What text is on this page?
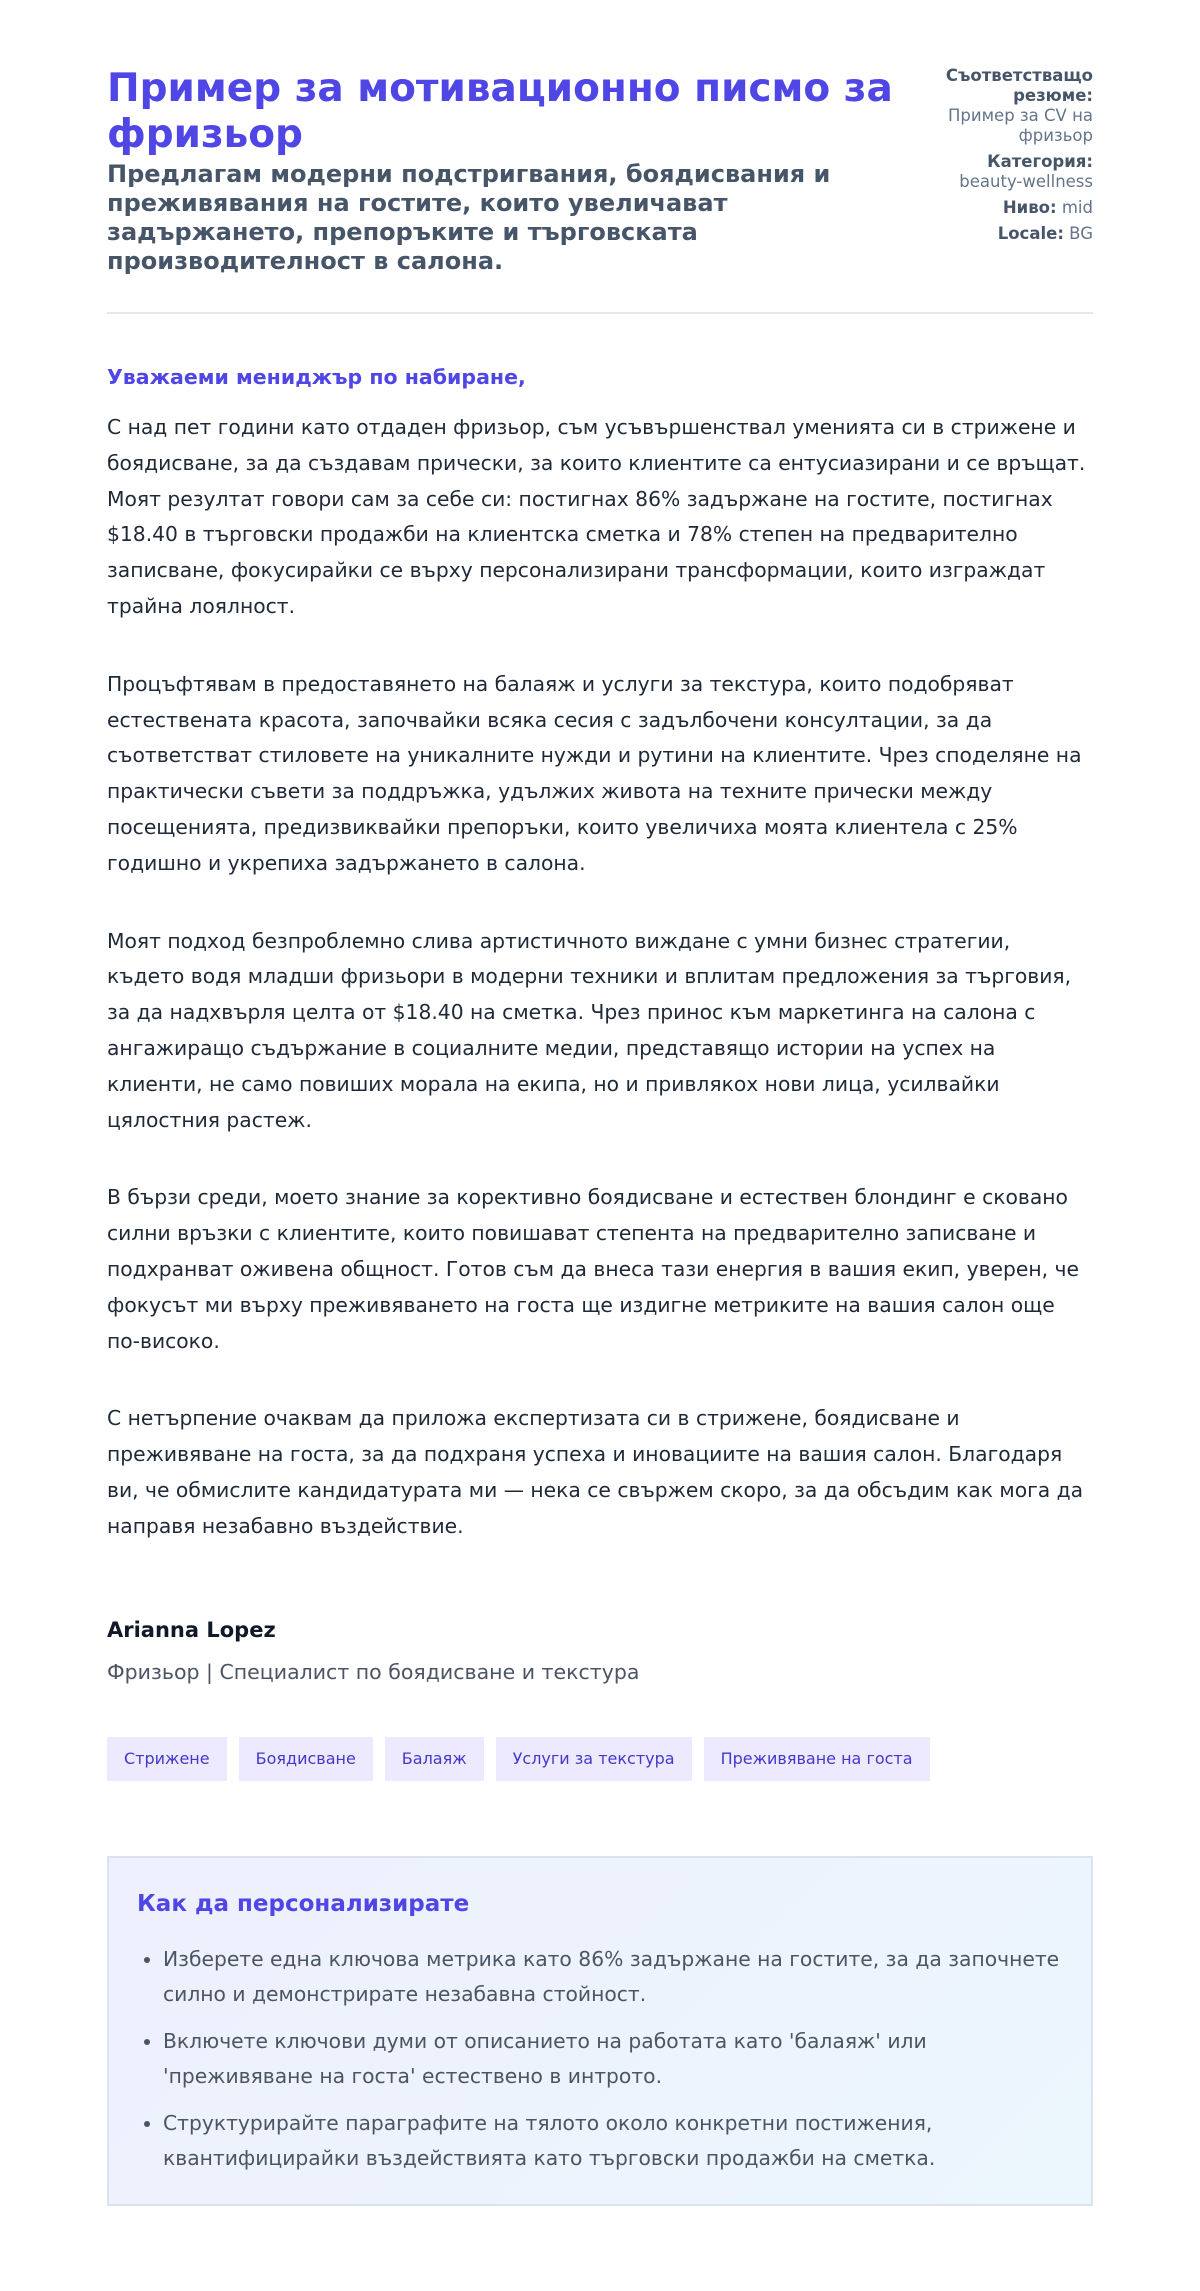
Пример за мотивационно писмо за фризьор

Предлагам модерни подстригвания, боядисвания и преживявания на гостите, които увеличават задържането, препоръките и търговската производителност в салона.

Съответстващо резюме:
Пример за CV на фризьор
Категория:
beauty-wellness
Ниво: mid
Locale: BG
Уважаеми мениджър по набиране,

С над пет години като отдаден фризьор, съм усъвършенствал уменията си в стрижене и боядисване, за да създавам прически, за които клиентите са ентусиазирани и се връщат. Моят резултат говори сам за себе си: постигнах 86% задържане на гостите, постигнах $18.40 в търговски продажби на клиентска сметка и 78% степен на предварително записване, фокусирайки се върху персонализирани трансформации, които изграждат трайна лоялност.

Процъфтявам в предоставянето на балаяж и услуги за текстура, които подобряват естествената красота, започвайки всяка сесия с задълбочени консултации, за да съответстват стиловете на уникалните нужди и рутини на клиентите. Чрез споделяне на практически съвети за поддръжка, удължих живота на техните прически между посещенията, предизвиквайки препоръки, които увеличиха моята клиентела с 25% годишно и укрепиха задържането в салона.

Моят подход безпроблемно слива артистичното виждане с умни бизнес стратегии, където водя младши фризьори в модерни техники и вплитам предложения за търговия, за да надхвърля целта от $18.40 на сметка. Чрез принос към маркетинга на салона с ангажиращо съдържание в социалните медии, представящо истории на успех на клиенти, не само повиших морала на екипа, но и привлякох нови лица, усилвайки цялостния растеж.

В бързи среди, моето знание за корективно боядисване и естествен блондинг е сковано силни връзки с клиентите, които повишават степента на предварително записване и подхранват оживена общност. Готов съм да внеса тази енергия в вашия екип, уверен, че фокусът ми върху преживяването на госта ще издигне метриките на вашия салон още по-високо.

С нетърпение очаквам да приложа експертизата си в стрижене, боядисване и преживяване на госта, за да подхраня успеха и иновациите на вашия салон. Благодаря ви, че обмислите кандидатурата ми — нека се свържем скоро, за да обсъдим как мога да направя незабавно въздействие.

Arianna Lopez
Фризьор | Специалист по боядисване и текстура
Стрижене	Боядисване	Балаяж	Услуги за текстура	Преживяване на госта
Как да персонализирате
• Изберете една ключова метрика като 86% задържане на гостите, за да започнете силно и демонстрирате незабавна стойност.
• Включете ключови думи от описанието на работата като 'балаяж' или 'преживяване на госта' естествено в интрото.
• Структурирайте параграфите на тялото около конкретни постижения, квантифицирайки въздействията като търговски продажби на сметка.
